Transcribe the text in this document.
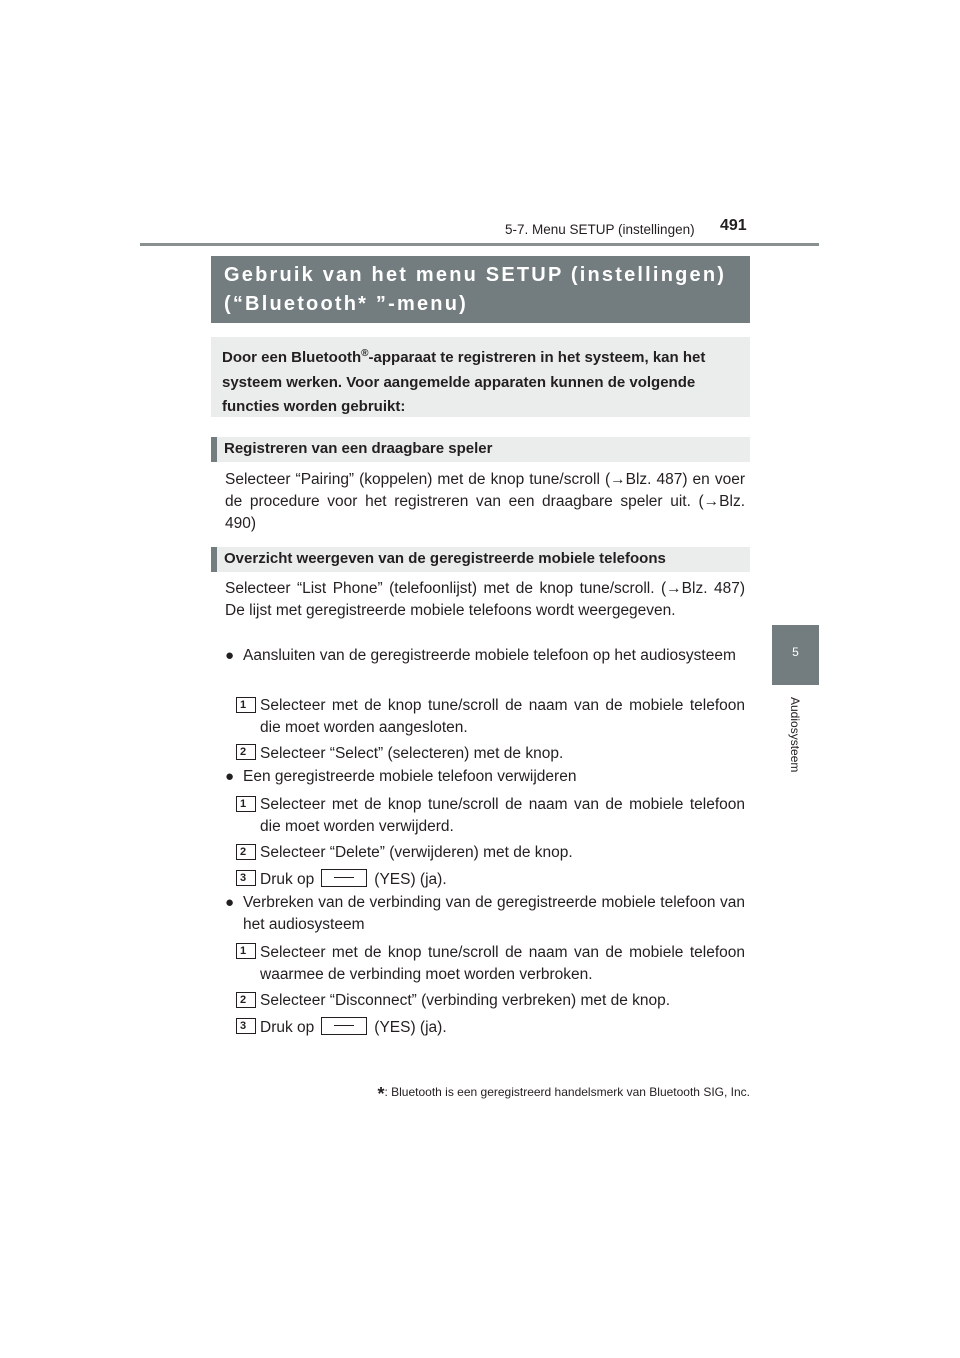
5-7. Menu SETUP (instellingen) 491
5
Audiosysteem
Gebruik van het menu SETUP (instellingen)
(“Bluetooth* ”-menu)
Door een Bluetooth®-apparaat te registreren in het systeem, kan het systeem werken. Voor aangemelde apparaten kunnen de volgende functies worden gebruikt:
Registreren van een draagbare speler
Selecteer “Pairing” (koppelen) met de knop tune/scroll (→Blz. 487) en voer de procedure voor het registreren van een draagbare speler uit. (→Blz. 490)
Overzicht weergeven van de geregistreerde mobiele telefoons
Selecteer “List Phone” (telefoonlijst) met de knop tune/scroll. (→Blz. 487) De lijst met geregistreerde mobiele telefoons wordt weergegeven.
● Aansluiten van de geregistreerde mobiele telefoon op het audiosysteem
1 Selecteer met de knop tune/scroll de naam van de mobiele telefoon die moet worden aangesloten.
2 Selecteer “Select” (selecteren) met de knop.
● Een geregistreerde mobiele telefoon verwijderen
1 Selecteer met de knop tune/scroll de naam van de mobiele telefoon die moet worden verwijderd.
2 Selecteer “Delete” (verwijderen) met de knop.
3 Druk op	(YES) (ja).
● Verbreken van de verbinding van de geregistreerde mobiele telefoon van het audiosysteem
1 Selecteer met de knop tune/scroll de naam van de mobiele telefoon waarmee de verbinding moet worden verbroken.
2 Selecteer “Disconnect” (verbinding verbreken) met de knop.
3 Druk op	(YES) (ja).
*: Bluetooth is een geregistreerd handelsmerk van Bluetooth SIG, Inc.
